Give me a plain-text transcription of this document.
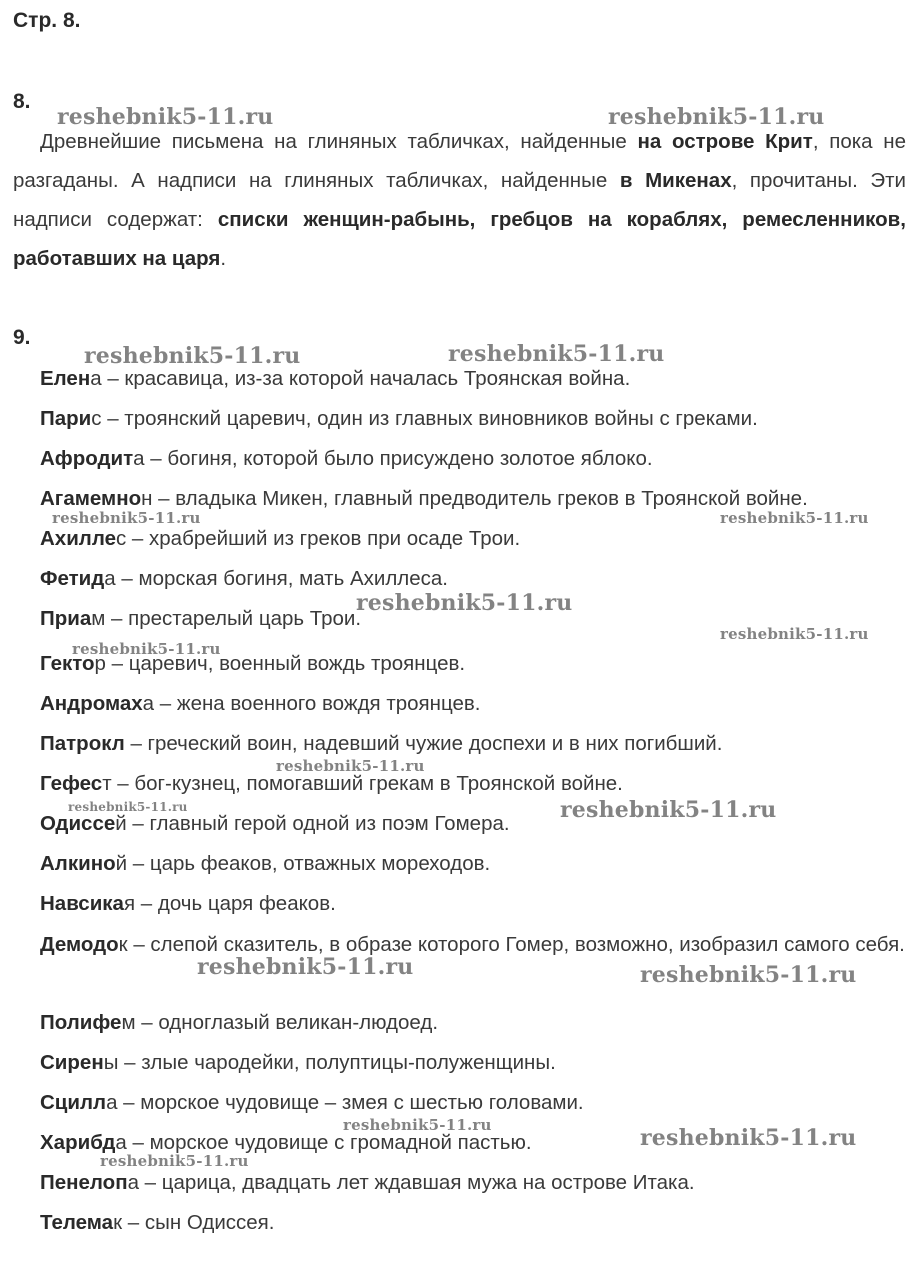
Стр. 8.
8.
Древнейшие письмена на глиняных табличках, найденные на острове Крит, пока не разгаданы. А надписи на глиняных табличках, найденные в Микенах, прочитаны. Эти надписи содержат: списки женщин-рабынь, гребцов на кораблях, ремесленников, работавших на царя.
9.
Елена – красавица, из-за которой началась Троянская война.
Парис – троянский царевич, один из главных виновников войны с греками.
Афродита – богиня, которой было присуждено золотое яблоко.
Агамемнон – владыка Микен, главный предводитель греков в Троянской войне.
Ахиллес – храбрейший из греков при осаде Трои.
Фетида – морская богиня, мать Ахиллеса.
Приам – престарелый царь Трои.
Гектор – царевич, военный вождь троянцев.
Андромаха – жена военного вождя троянцев.
Патрокл – греческий воин, надевший чужие доспехи и в них погибший.
Гефест – бог-кузнец, помогавший грекам в Троянской войне.
Одиссей – главный герой одной из поэм Гомера.
Алкиной – царь феаков, отважных мореходов.
Навсикая – дочь царя феаков.
Демодок – слепой сказитель, в образе которого Гомер, возможно, изобразил самого себя.
Полифем – одноглазый великан-людоед.
Сирены – злые чародейки, полуптицы-полуженщины.
Сцилла – морское чудовище – змея с шестью головами.
Харибда – морское чудовище с громадной пастью.
Пенелопа – царица, двадцать лет ждавшая мужа на острове Итака.
Телемак – сын Одиссея.
reshebnik5-11.ru	reshebnik5-11.ru
reshebnik5-11.ru	reshebnik5-11.ru
reshebnik5-11.ru	reshebnik5-11.ru
reshebnik5-11.ru
reshebnik5-11.ru
reshebnik5-11.ru
reshebnik5-11.ru
reshebnik5-11.ru	reshebnik5-11.ru
reshebnik5-11.ru	reshebnik5-11.ru
reshebnik5-11.ru	reshebnik5-11.ru
reshebnik5-11.ru
